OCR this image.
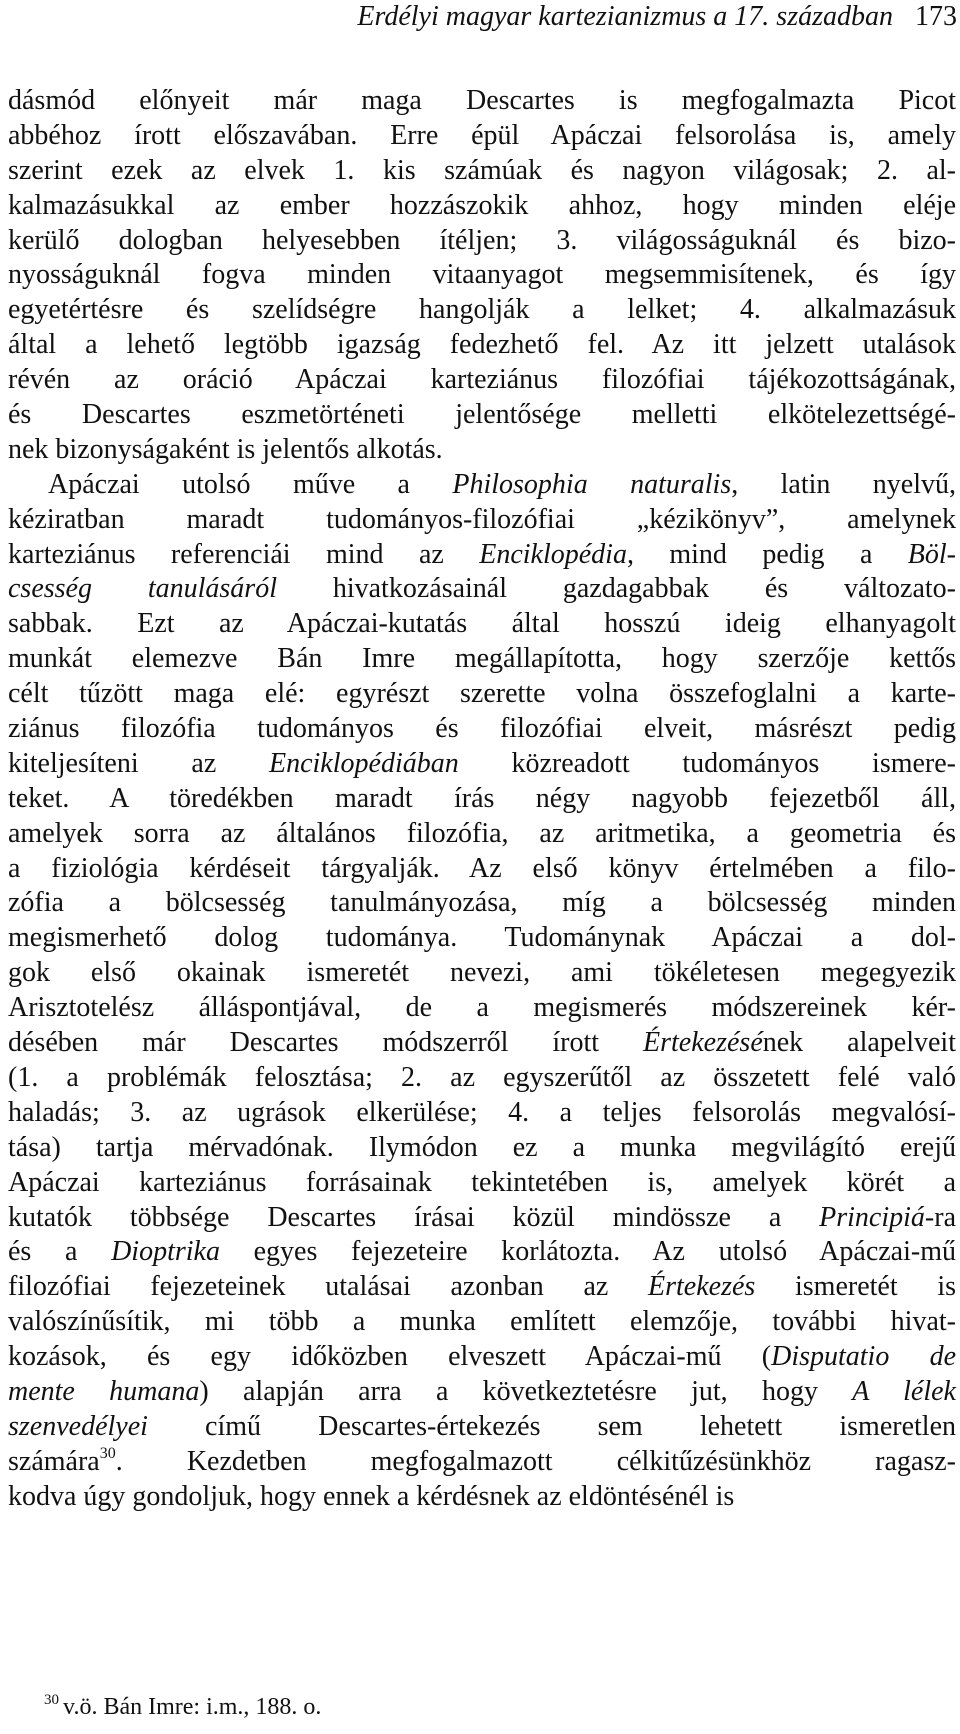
Erdélyi magyar kartezianizmus a 17. században 173
dásmód előnyeit már maga Descartes is megfogalmazta Picot
abbéhoz írott előszavában. Erre épül Apáczai felsorolása is, amely
szerint ezek az elvek 1. kis számúak és nagyon világosak; 2. al-
kalmazásukkal az ember hozzászokik ahhoz, hogy minden eléje
kerülő dologban helyesebben ítéljen; 3. világosságuknál és bizo-
nyosságuknál fogva minden vitaanyagot megsemmisítenek, és így
egyetértésre és szelídségre hangolják a lelket; 4. alkalmazásuk
által a lehető legtöbb igazság fedezhető fel. Az itt jelzett utalások
révén az oráció Apáczai karteziánus filozófiai tájékozottságának,
és Descartes eszmetörténeti jelentősége melletti elkötelezettségé-
nek bizonyságaként is jelentős alkotás.
Apáczai utolsó műve a Philosophia naturalis, latin nyelvű,
kéziratban maradt tudományos-filozófiai „kézikönyv”, amelynek
karteziánus referenciái mind az Enciklopédia, mind pedig a Böl-
csesség tanulásáról hivatkozásainál gazdagabbak és változato-
sabbak. Ezt az Apáczai-kutatás által hosszú ideig elhanyagolt
munkát elemezve Bán Imre megállapította, hogy szerzője kettős
célt tűzött maga elé: egyrészt szerette volna összefoglalni a karte-
ziánus filozófia tudományos és filozófiai elveit, másrészt pedig
kiteljesíteni az Enciklopédiában közreadott tudományos ismere-
teket. A töredékben maradt írás négy nagyobb fejezetből áll,
amelyek sorra az általános filozófia, az aritmetika, a geometria és
a fiziológia kérdéseit tárgyalják. Az első könyv értelmében a filo-
zófia a bölcsesség tanulmányozása, míg a bölcsesség minden
megismerhető dolog tudománya. Tudománynak Apáczai a dol-
gok első okainak ismeretét nevezi, ami tökéletesen megegyezik
Arisztotelész álláspontjával, de a megismerés módszereinek kér-
désében már Descartes módszerről írott Értekezésének alapelveit
(1. a problémák felosztása; 2. az egyszerűtől az összetett felé való
haladás; 3. az ugrások elkerülése; 4. a teljes felsorolás megvalósí-
tása) tartja mérvadónak. Ilymódon ez a munka megvilágító erejű
Apáczai karteziánus forrásainak tekintetében is, amelyek körét a
kutatók többsége Descartes írásai közül mindössze a Principiá-ra
és a Dioptrika egyes fejezeteire korlátozta. Az utolsó Apáczai-mű
filozófiai fejezeteinek utalásai azonban az Értekezés ismeretét is
valószínűsítik, mi több a munka említett elemzője, további hivat-
kozások, és egy időközben elveszett Apáczai-mű (Disputatio de
mente humana) alapján arra a következtetésre jut, hogy A lélek
szenvedélyei című Descartes-értekezés sem lehetett ismeretlen
számára$^{30}$. Kezdetben megfogalmazott célkitűzésünkhöz ragasz-
kodva úgy gondoljuk, hogy ennek a kérdésnek az eldöntésénél is
$^{30}$ v.ö. Bán Imre: i.m., 188. o.
